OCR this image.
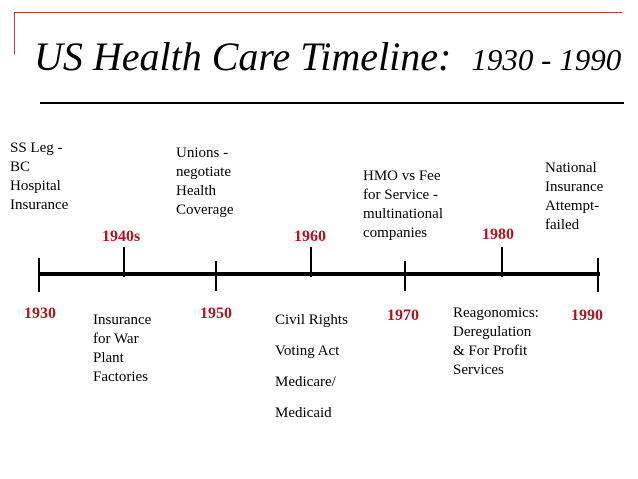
US Health Care Timeline: 1930 - 1990
1930
1940s
1950
1960
1970
1980
1990
SS Leg -
BC
Hospital
Insurance
Insurance
for War
Plant
Factories
Unions -
negotiate
Health
Coverage
Civil Rights
Voting Act
Medicare/
Medicaid
HMO vs Fee
for Service -
multinational
companies
Reagonomics:
Deregulation
& For Profit
Services
National
Insurance
Attempt-
failed
